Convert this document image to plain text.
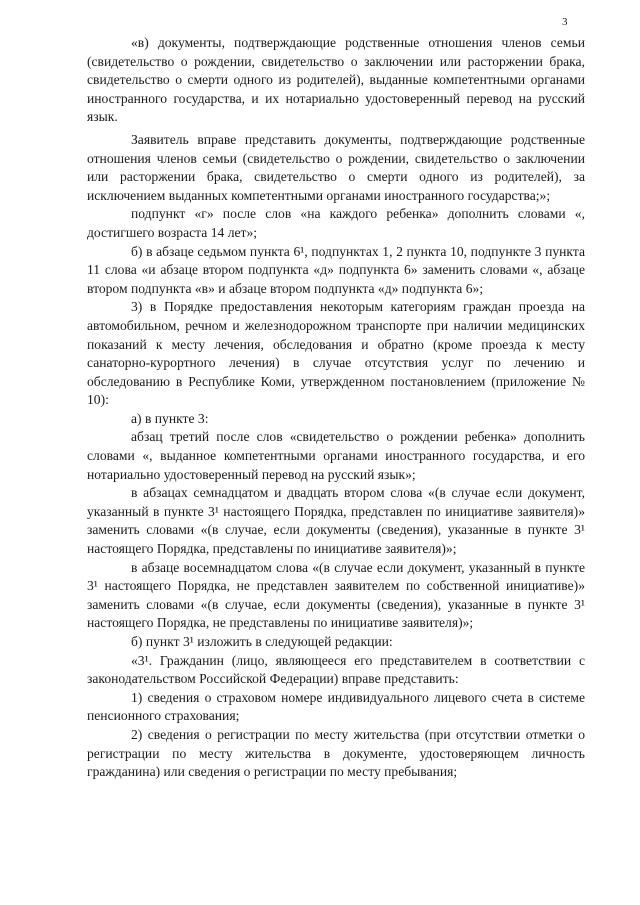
3

«в) документы, подтверждающие родственные отношения членов семьи (свидетельство о рождении, свидетельство о заключении или расторжении брака, свидетельство о смерти одного из родителей), выданные компетентными органами иностранного государства, и их нотариально удостоверенный перевод на русский язык.

Заявитель вправе представить документы, подтверждающие родственные отношения членов семьи (свидетельство о рождении, свидетельство о заключении или расторжении брака, свидетельство о смерти одного из родителей), за исключением выданных компетентными органами иностранного государства;»;

подпункт «г» после слов «на каждого ребенка» дополнить словами «, достигшего возраста 14 лет»;

б) в абзаце седьмом пункта 6¹, подпунктах 1, 2 пункта 10, подпункте 3 пункта 11 слова «и абзаце втором подпункта «д» подпункта 6» заменить словами «, абзаце втором подпункта «в» и абзаце втором подпункта «д» подпункта 6»;

3) в Порядке предоставления некоторым категориям граждан проезда на автомобильном, речном и железнодорожном транспорте при наличии медицинских показаний к месту лечения, обследования и обратно (кроме проезда к месту санаторно-курортного лечения) в случае отсутствия услуг по лечению и обследованию в Республике Коми, утвержденном постановлением (приложение № 10):

а) в пункте 3:

абзац третий после слов «свидетельство о рождении ребенка» дополнить словами «, выданное компетентными органами иностранного государства, и его нотариально удостоверенный перевод на русский язык»;

в абзацах семнадцатом и двадцать втором слова «(в случае если документ, указанный в пункте 3¹ настоящего Порядка, представлен по инициативе заявителя)» заменить словами «(в случае, если документы (сведения), указанные в пункте 3¹ настоящего Порядка, представлены по инициативе заявителя)»;

в абзаце восемнадцатом слова «(в случае если документ, указанный в пункте 3¹ настоящего Порядка, не представлен заявителем по собственной инициативе)» заменить словами «(в случае, если документы (сведения), указанные в пункте 3¹ настоящего Порядка, не представлены по инициативе заявителя)»;

б) пункт 3¹ изложить в следующей редакции:

«3¹. Гражданин (лицо, являющееся его представителем в соответствии с законодательством Российской Федерации) вправе представить:

1) сведения о страховом номере индивидуального лицевого счета в системе пенсионного страхования;

2) сведения о регистрации по месту жительства (при отсутствии отметки о регистрации по месту жительства в документе, удостоверяющем личность гражданина) или сведения о регистрации по месту пребывания;
